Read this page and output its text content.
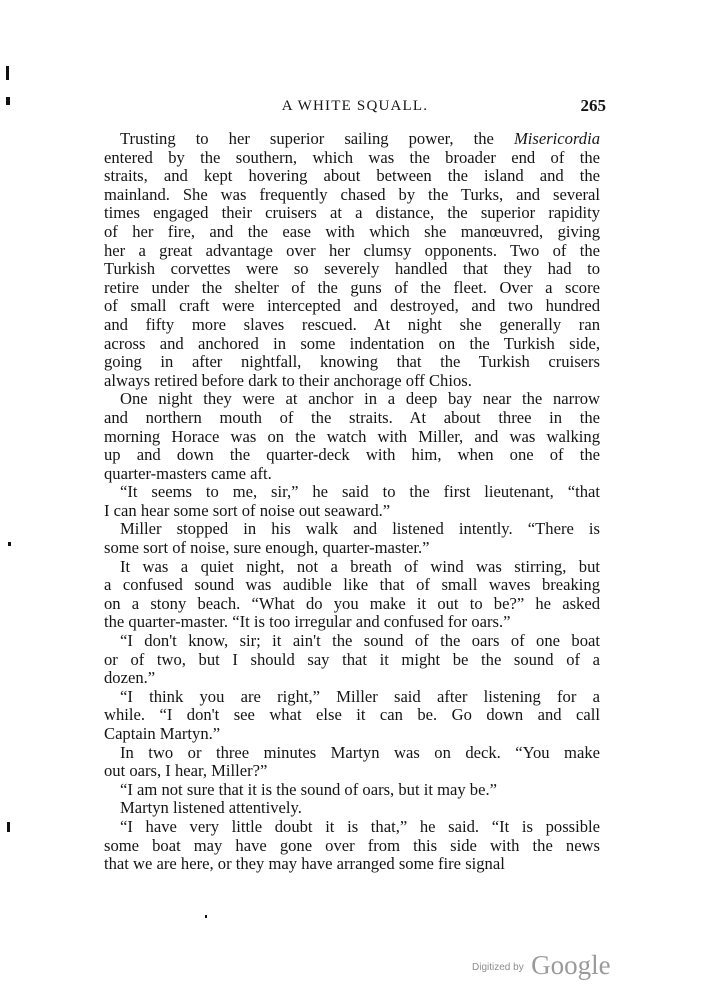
A WHITE SQUALL.	265
Trusting to her superior sailing power, the Misericordia
entered by the southern, which was the broader end of the
straits, and kept hovering about between the island and the
mainland. She was frequently chased by the Turks, and several
times engaged their cruisers at a distance, the superior rapidity
of her fire, and the ease with which she manœuvred, giving
her a great advantage over her clumsy opponents. Two of the
Turkish corvettes were so severely handled that they had to
retire under the shelter of the guns of the fleet. Over a score
of small craft were intercepted and destroyed, and two hundred
and fifty more slaves rescued. At night she generally ran
across and anchored in some indentation on the Turkish side,
going in after nightfall, knowing that the Turkish cruisers
always retired before dark to their anchorage off Chios.
One night they were at anchor in a deep bay near the narrow
and northern mouth of the straits. At about three in the
morning Horace was on the watch with Miller, and was walking
up and down the quarter-deck with him, when one of the
quarter-masters came aft.
“It seems to me, sir,” he said to the first lieutenant, “that
I can hear some sort of noise out seaward.”
Miller stopped in his walk and listened intently. “There is
some sort of noise, sure enough, quarter-master.”
It was a quiet night, not a breath of wind was stirring, but
a confused sound was audible like that of small waves breaking
on a stony beach. “What do you make it out to be?” he asked
the quarter-master. “It is too irregular and confused for oars.”
“I don't know, sir; it ain't the sound of the oars of one boat
or of two, but I should say that it might be the sound of a
dozen.”
“I think you are right,” Miller said after listening for a
while. “I don't see what else it can be. Go down and call
Captain Martyn.”
In two or three minutes Martyn was on deck. “You make
out oars, I hear, Miller?”
“I am not sure that it is the sound of oars, but it may be.”
Martyn listened attentively.
“I have very little doubt it is that,” he said. “It is possible
some boat may have gone over from this side with the news
that we are here, or they may have arranged some fire signal
$^{Digitized by}$ Google
